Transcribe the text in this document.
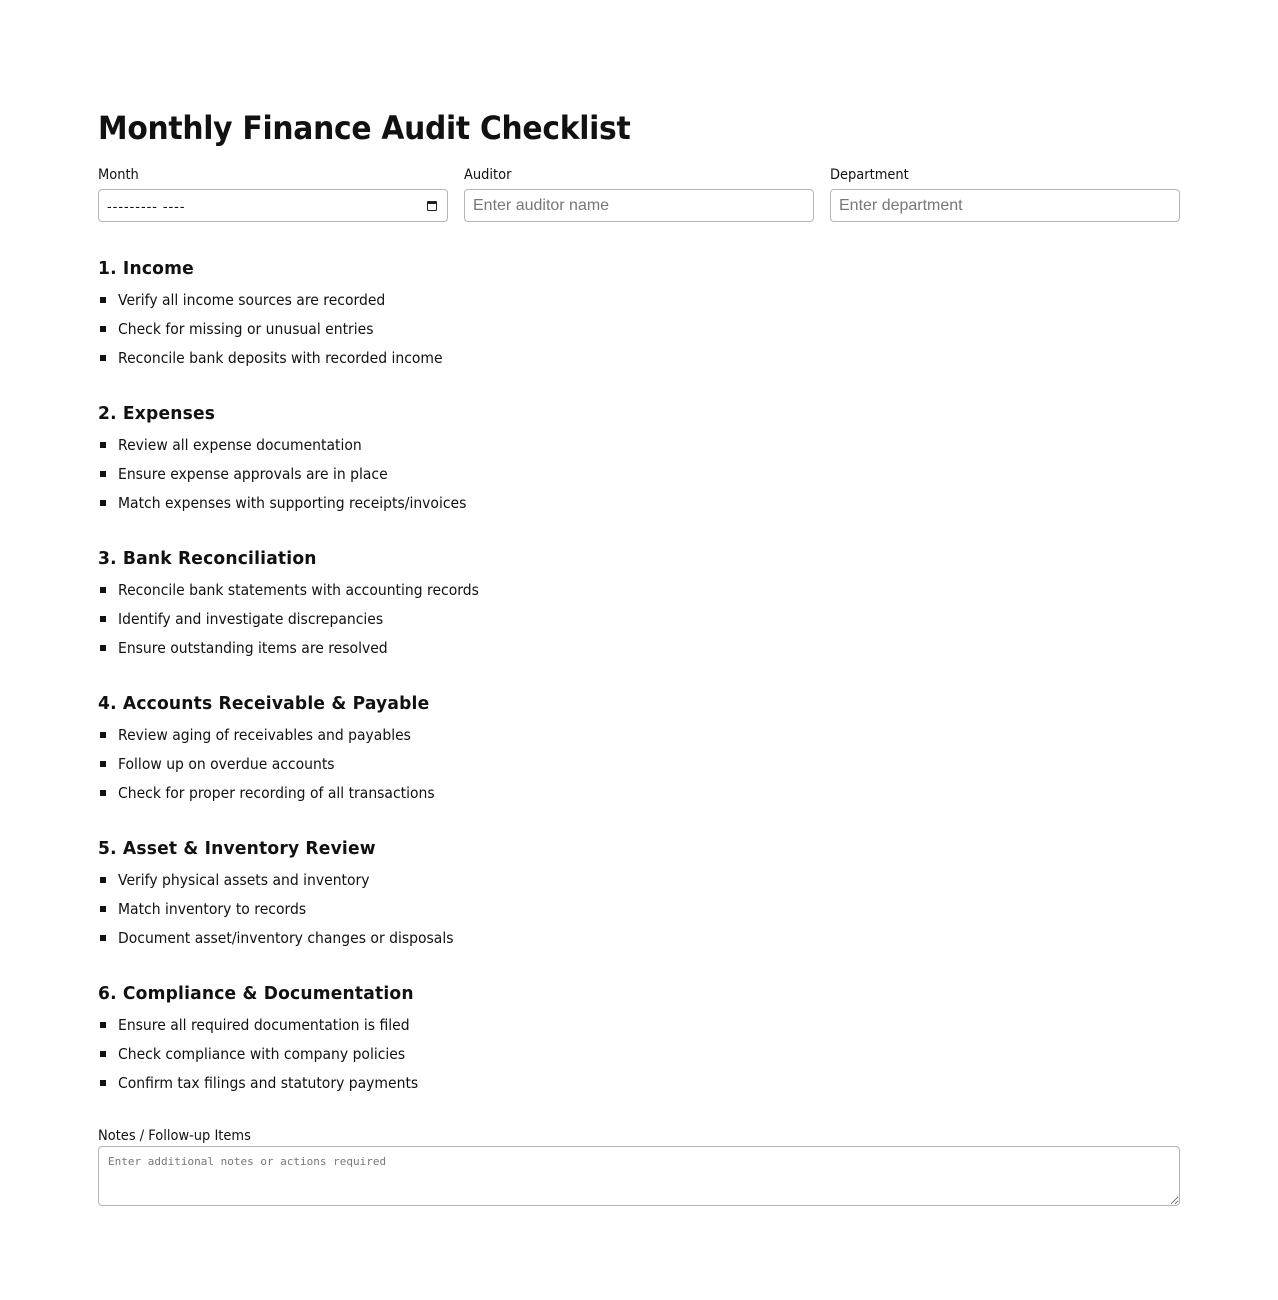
Monthly Finance Audit Checklist
Month
--------- ----
Auditor
Enter auditor name	Department
Enter department
1. Income
Verify all income sources are recorded
Check for missing or unusual entries
Reconcile bank deposits with recorded income
2. Expenses
Review all expense documentation
Ensure expense approvals are in place
Match expenses with supporting receipts/invoices
3. Bank Reconciliation
Reconcile bank statements with accounting records
Identify and investigate discrepancies
Ensure outstanding items are resolved
4. Accounts Receivable & Payable
Review aging of receivables and payables
Follow up on overdue accounts
Check for proper recording of all transactions
5. Asset & Inventory Review
Verify physical assets and inventory
Match inventory to records
Document asset/inventory changes or disposals
6. Compliance & Documentation
Ensure all required documentation is filed
Check compliance with company policies
Confirm tax filings and statutory payments
Notes / Follow-up Items
Enter additional notes or actions required
